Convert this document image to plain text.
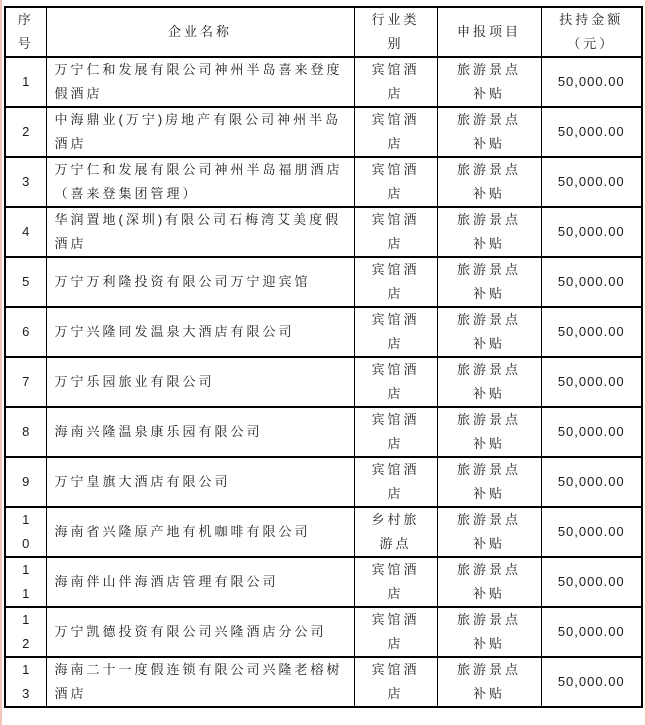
序号	企业名称	行业类别	申报项目	扶持金额（元）
1	万宁仁和发展有限公司神州半岛喜来登度假酒店	宾馆酒店	旅游景点补贴	50,000.00
2	中海鼎业(万宁)房地产有限公司神州半岛酒店	宾馆酒店	旅游景点补贴	50,000.00
3	万宁仁和发展有限公司神州半岛福朋酒店（喜来登集团管理）	宾馆酒店	旅游景点补贴	50,000.00
4	华润置地(深圳)有限公司石梅湾艾美度假酒店	宾馆酒店	旅游景点补贴	50,000.00
5	万宁万利隆投资有限公司万宁迎宾馆	宾馆酒店	旅游景点补贴	50,000.00
6	万宁兴隆同发温泉大酒店有限公司	宾馆酒店	旅游景点补贴	50,000.00
7	万宁乐园旅业有限公司	宾馆酒店	旅游景点补贴	50,000.00
8	海南兴隆温泉康乐园有限公司	宾馆酒店	旅游景点补贴	50,000.00
9	万宁皇旗大酒店有限公司	宾馆酒店	旅游景点补贴	50,000.00
10	海南省兴隆原产地有机咖啡有限公司	乡村旅游点	旅游景点补贴	50,000.00
11	海南伴山伴海酒店管理有限公司	宾馆酒店	旅游景点补贴	50,000.00
12	万宁凯德投资有限公司兴隆酒店分公司	宾馆酒店	旅游景点补贴	50,000.00
13	海南二十一度假连锁有限公司兴隆老榕树酒店	宾馆酒店	旅游景点补贴	50,000.00
